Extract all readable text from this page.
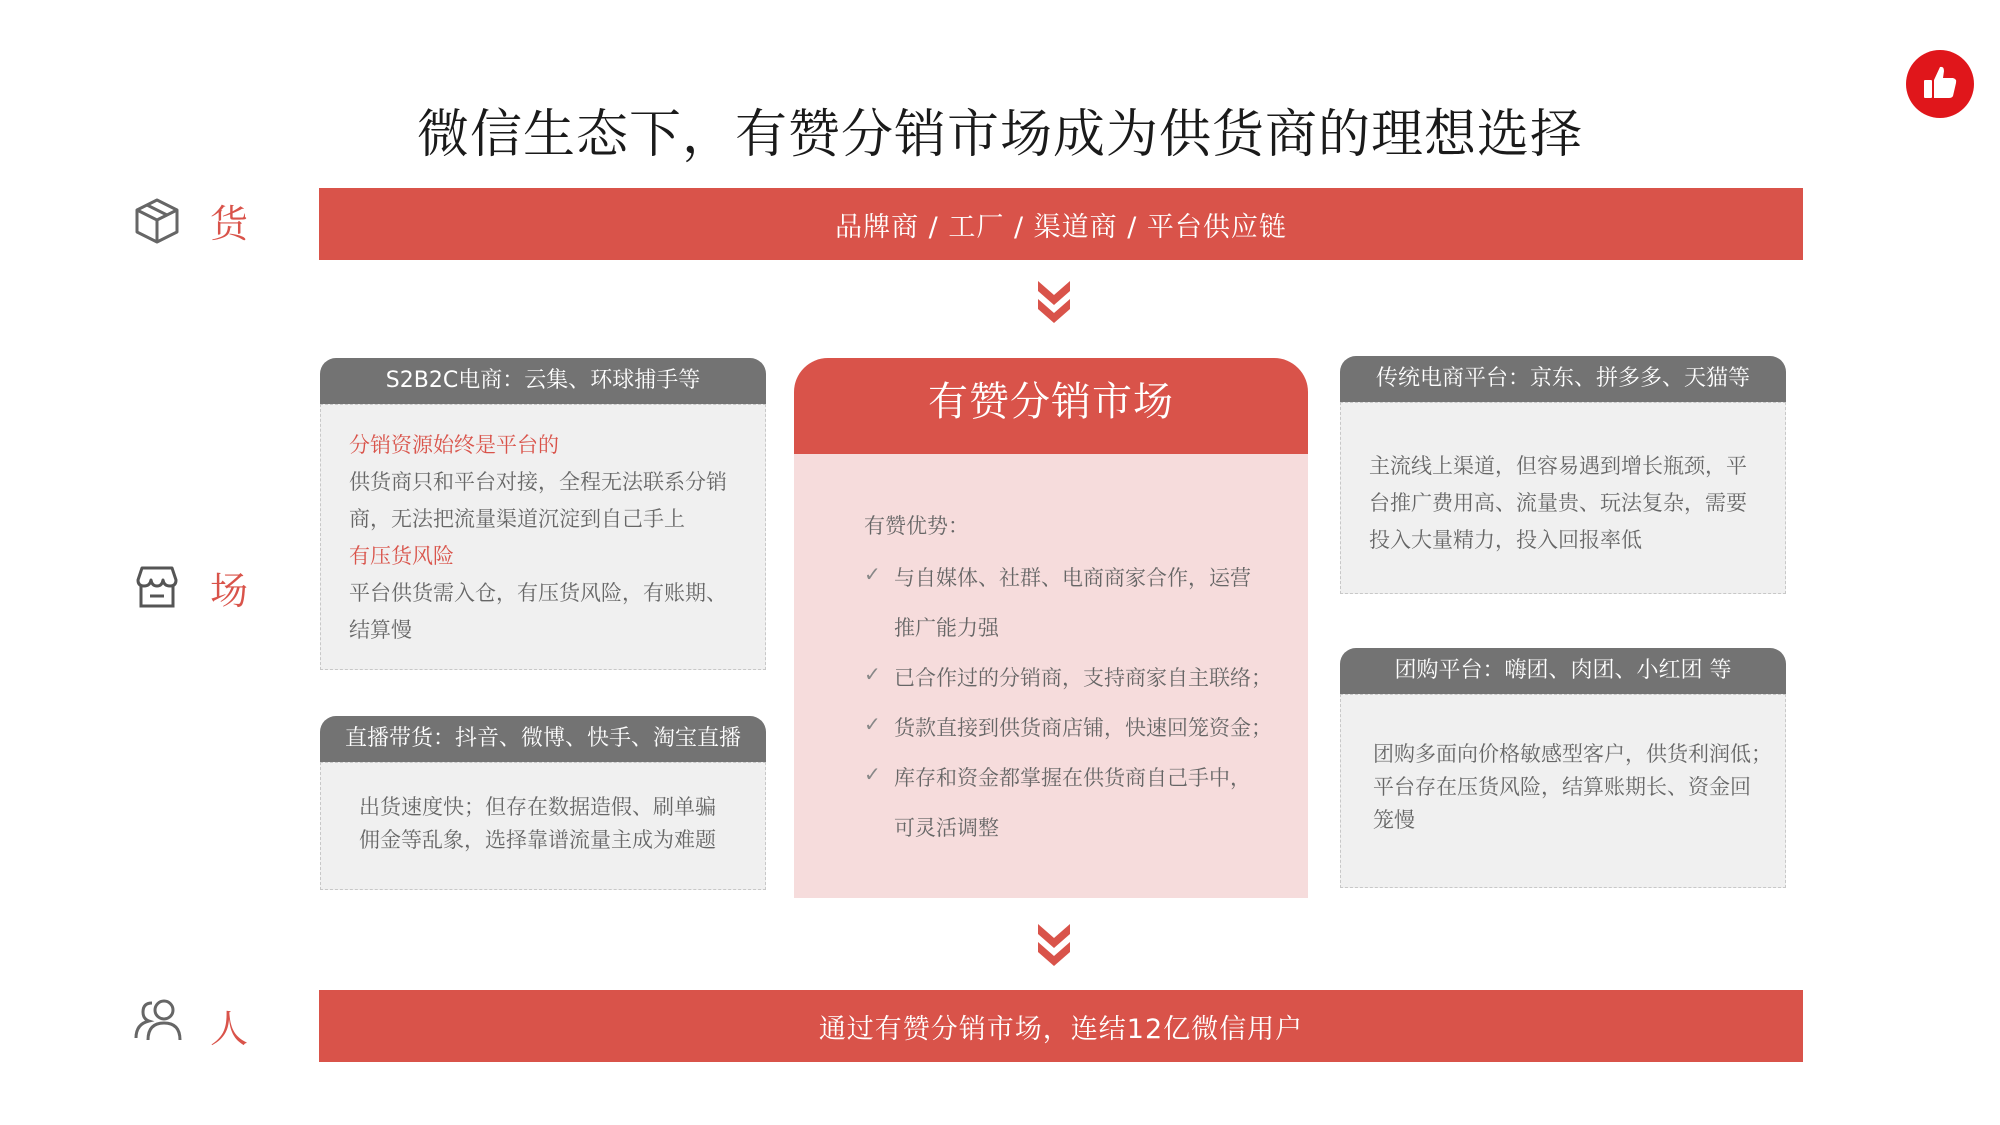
微信生态下，有赞分销市场成为供货商的理想选择
货
场
人
品牌商 / 工厂 / 渠道商 / 平台供应链
S2B2C电商：云集、环球捕手等
分销资源始终是平台的
供货商只和平台对接，全程无法联系分销
商，无法把流量渠道沉淀到自己手上
有压货风险
平台供货需入仓，有压货风险，有账期、
结算慢
直播带货：抖音、微博、快手、淘宝直播
出货速度快；但存在数据造假、刷单骗
佣金等乱象，选择靠谱流量主成为难题
有赞分销市场
有赞优势：
✓ 与自媒体、社群、电商商家合作，运营
推广能力强
✓ 已合作过的分销商，支持商家自主联络；
✓ 货款直接到供货商店铺，快速回笼资金；
✓ 库存和资金都掌握在供货商自己手中，
可灵活调整
传统电商平台：京东、拼多多、天猫等
主流线上渠道，但容易遇到增长瓶颈，平
台推广费用高、流量贵、玩法复杂，需要
投入大量精力，投入回报率低
团购平台：嗨团、肉团、小红团 等
团购多面向价格敏感型客户，供货利润低；
平台存在压货风险，结算账期长、资金回
笼慢
通过有赞分销市场，连结12亿微信用户
